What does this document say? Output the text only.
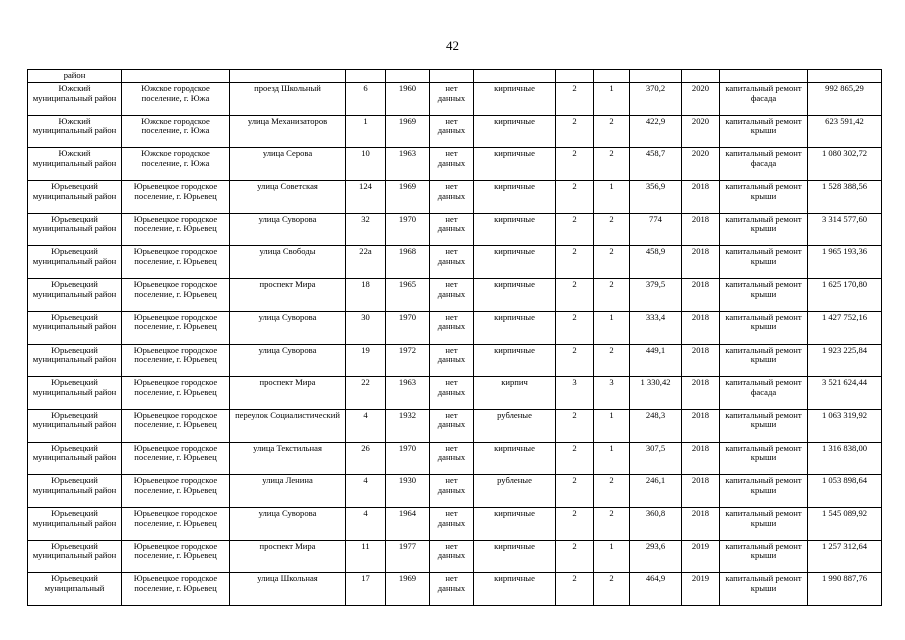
42
район												
Южский муниципальный район	Южское городское поселение, г. Южа	проезд Школьный	6	1960	нет данных	кирпичные	2	1	370,2	2020	капитальный ремонт фасада	992 865,29
Южский муниципальный район	Южское городское поселение, г. Южа	улица Механизаторов	1	1969	нет данных	кирпичные	2	2	422,9	2020	капитальный ремонт крыши	623 591,42
Южский муниципальный район	Южское городское поселение, г. Южа	улица Серова	10	1963	нет данных	кирпичные	2	2	458,7	2020	капитальный ремонт фасада	1 080 302,72
Юрьевецкий муниципальный район	Юрьевецкое городское поселение, г. Юрьевец	улица Советская	124	1969	нет данных	кирпичные	2	1	356,9	2018	капитальный ремонт крыши	1 528 388,56
Юрьевецкий муниципальный район	Юрьевецкое городское поселение, г. Юрьевец	улица Суворова	32	1970	нет данных	кирпичные	2	2	774	2018	капитальный ремонт крыши	3 314 577,60
Юрьевецкий муниципальный район	Юрьевецкое городское поселение, г. Юрьевец	улица Свободы	22а	1968	нет данных	кирпичные	2	2	458,9	2018	капитальный ремонт крыши	1 965 193,36
Юрьевецкий муниципальный район	Юрьевецкое городское поселение, г. Юрьевец	проспект Мира	18	1965	нет данных	кирпичные	2	2	379,5	2018	капитальный ремонт крыши	1 625 170,80
Юрьевецкий муниципальный район	Юрьевецкое городское поселение, г. Юрьевец	улица Суворова	30	1970	нет данных	кирпичные	2	1	333,4	2018	капитальный ремонт крыши	1 427 752,16
Юрьевецкий муниципальный район	Юрьевецкое городское поселение, г. Юрьевец	улица Суворова	19	1972	нет данных	кирпичные	2	2	449,1	2018	капитальный ремонт крыши	1 923 225,84
Юрьевецкий муниципальный район	Юрьевецкое городское поселение, г. Юрьевец	проспект Мира	22	1963	нет данных	кирпич	3	3	1 330,42	2018	капитальный ремонт фасада	3 521 624,44
Юрьевецкий муниципальный район	Юрьевецкое городское поселение, г. Юрьевец	переулок Социалистический	4	1932	нет данных	рубленые	2	1	248,3	2018	капитальный ремонт крыши	1 063 319,92
Юрьевецкий муниципальный район	Юрьевецкое городское поселение, г. Юрьевец	улица Текстильная	26	1970	нет данных	кирпичные	2	1	307,5	2018	капитальный ремонт крыши	1 316 838,00
Юрьевецкий муниципальный район	Юрьевецкое городское поселение, г. Юрьевец	улица Ленина	4	1930	нет данных	рубленые	2	2	246,1	2018	капитальный ремонт крыши	1 053 898,64
Юрьевецкий муниципальный район	Юрьевецкое городское поселение, г. Юрьевец	улица Суворова	4	1964	нет данных	кирпичные	2	2	360,8	2018	капитальный ремонт крыши	1 545 089,92
Юрьевецкий муниципальный район	Юрьевецкое городское поселение, г. Юрьевец	проспект Мира	11	1977	нет данных	кирпичные	2	1	293,6	2019	капитальный ремонт крыши	1 257 312,64
Юрьевецкий муниципальный	Юрьевецкое городское поселение, г. Юрьевец	улица Школьная	17	1969	нет данных	кирпичные	2	2	464,9	2019	капитальный ремонт крыши	1 990 887,76
